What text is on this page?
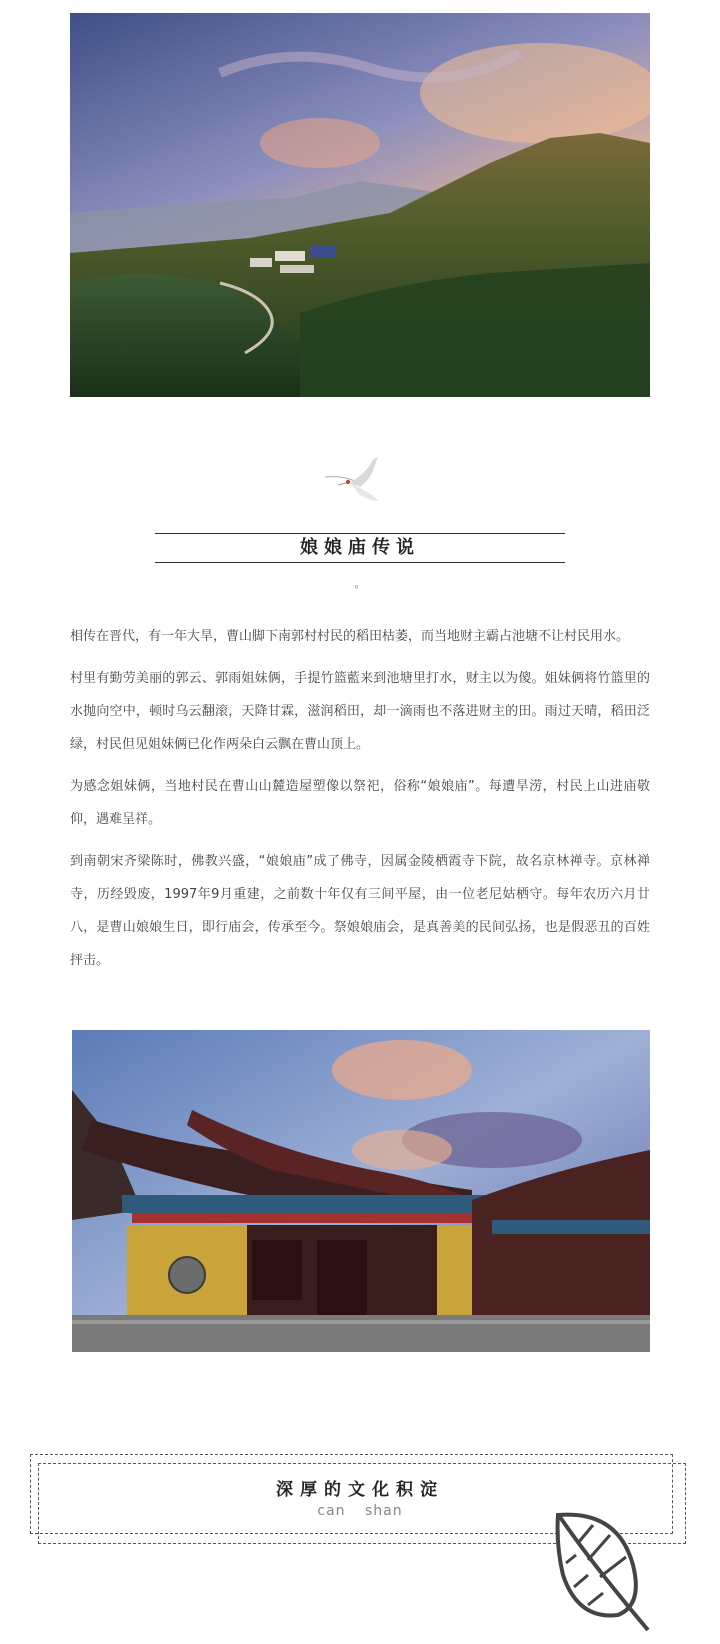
娘娘庙传说
。

相传在晋代，有一年大旱，曹山脚下南郭村村民的稻田枯萎，而当地财主霸占池塘不让村民用水。

村里有勤劳美丽的郭云、郭雨姐妹俩，手提竹篮藍来到池塘里打水，财主以为傻。姐妹俩将竹篮里的水抛向空中，顿时乌云翻滚，天降甘霖，滋润稻田，却一滴雨也不落进财主的田。雨过天晴，稻田泛绿，村民但见姐妹俩已化作两朵白云飘在曹山顶上。

为感念姐妹俩，当地村民在曹山山麓造屋塑像以祭祀，俗称“娘娘庙”。每遭旱涝，村民上山进庙敬仰，遇难呈祥。

到南朝宋齐梁陈时，佛教兴盛，“娘娘庙”成了佛寺，因属金陵栖霞寺下院，故名京林禅寺。京林禅寺，历经毁废，1997年9月重建，之前数十年仅有三间平屋，由一位老尼姑栖守。每年农历六月廿八，是曹山娘娘生日，即行庙会，传承至今。祭娘娘庙会，是真善美的民间弘扬，也是假恶丑的百姓抨击。

深厚的文化积淀
can shan
